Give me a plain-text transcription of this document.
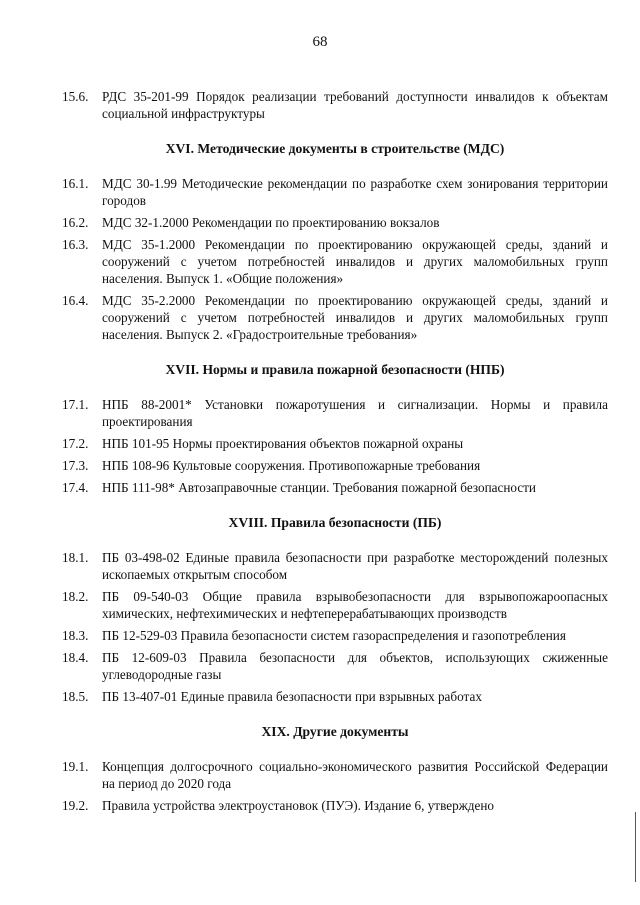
68
15.6.	РДС 35-201-99 Порядок реализации требований доступности инвалидов к объектам социальной инфраструктуры
XVI. Методические документы в строительстве (МДС)
16.1.	МДС 30-1.99 Методические рекомендации по разработке схем зонирования территории городов
16.2.	МДС 32-1.2000 Рекомендации по проектированию вокзалов
16.3.	МДС 35-1.2000 Рекомендации по проектированию окружающей среды, зданий и сооружений с учетом потребностей инвалидов и других маломобильных групп населения. Выпуск 1. «Общие положения»
16.4.	МДС 35-2.2000 Рекомендации по проектированию окружающей среды, зданий и сооружений с учетом потребностей инвалидов и других маломобильных групп населения. Выпуск 2. «Градостроительные требования»
XVII. Нормы и правила пожарной безопасности (НПБ)
17.1.	НПБ 88-2001* Установки пожаротушения и сигнализации. Нормы и правила проектирования
17.2.	НПБ 101-95 Нормы проектирования объектов пожарной охраны
17.3.	НПБ 108-96 Культовые сооружения. Противопожарные требования
17.4.	НПБ 111-98* Автозаправочные станции. Требования пожарной безопасности
XVIII. Правила безопасности (ПБ)
18.1.	ПБ 03-498-02 Единые правила безопасности при разработке месторождений полезных ископаемых открытым способом
18.2.	ПБ 09-540-03 Общие правила взрывобезопасности для взрывопожароопасных химических, нефтехимических и нефтеперерабатывающих производств
18.3.	ПБ 12-529-03 Правила безопасности систем газораспределения и газопотребления
18.4.	ПБ 12-609-03 Правила безопасности для объектов, использующих сжиженные углеводородные газы
18.5.	ПБ 13-407-01 Единые правила безопасности при взрывных работах
XIX. Другие документы
19.1.	Концепция долгосрочного социально-экономического развития Российской Федерации на период до 2020 года
19.2.	Правила устройства электроустановок (ПУЭ). Издание 6, утверждено
